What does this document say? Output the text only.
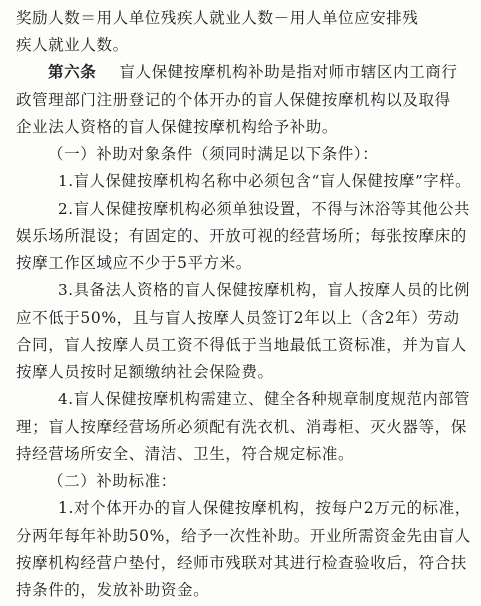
奖励人数＝用人单位残疾人就业人数－用人单位应安排残
疾人就业人数。
第六条 盲人保健按摩机构补助是指对师市辖区内工商行
政管理部门注册登记的个体开办的盲人保健按摩机构以及取得
企业法人资格的盲人保健按摩机构给予补助。
（一）补助对象条件（须同时满足以下条件）：
1.盲人保健按摩机构名称中必须包含“盲人保健按摩”字样。
2.盲人保健按摩机构必须单独设置，不得与沐浴等其他公共
娱乐场所混设；有固定的、开放可视的经营场所；每张按摩床的
按摩工作区域应不少于5平方米。
3.具备法人资格的盲人保健按摩机构，盲人按摩人员的比例
应不低于50%，且与盲人按摩人员签订2年以上（含2年）劳动
合同，盲人按摩人员工资不得低于当地最低工资标准，并为盲人
按摩人员按时足额缴纳社会保险费。
4.盲人保健按摩机构需建立、健全各种规章制度规范内部管
理；盲人按摩经营场所必须配有洗衣机、消毒柜、灭火器等，保
持经营场所安全、清洁、卫生，符合规定标准。
（二）补助标准：
1.对个体开办的盲人保健按摩机构，按每户2万元的标准，
分两年每年补助50%，给予一次性补助。开业所需资金先由盲人
按摩机构经营户垫付，经师市残联对其进行检查验收后，符合扶
持条件的，发放补助资金。
